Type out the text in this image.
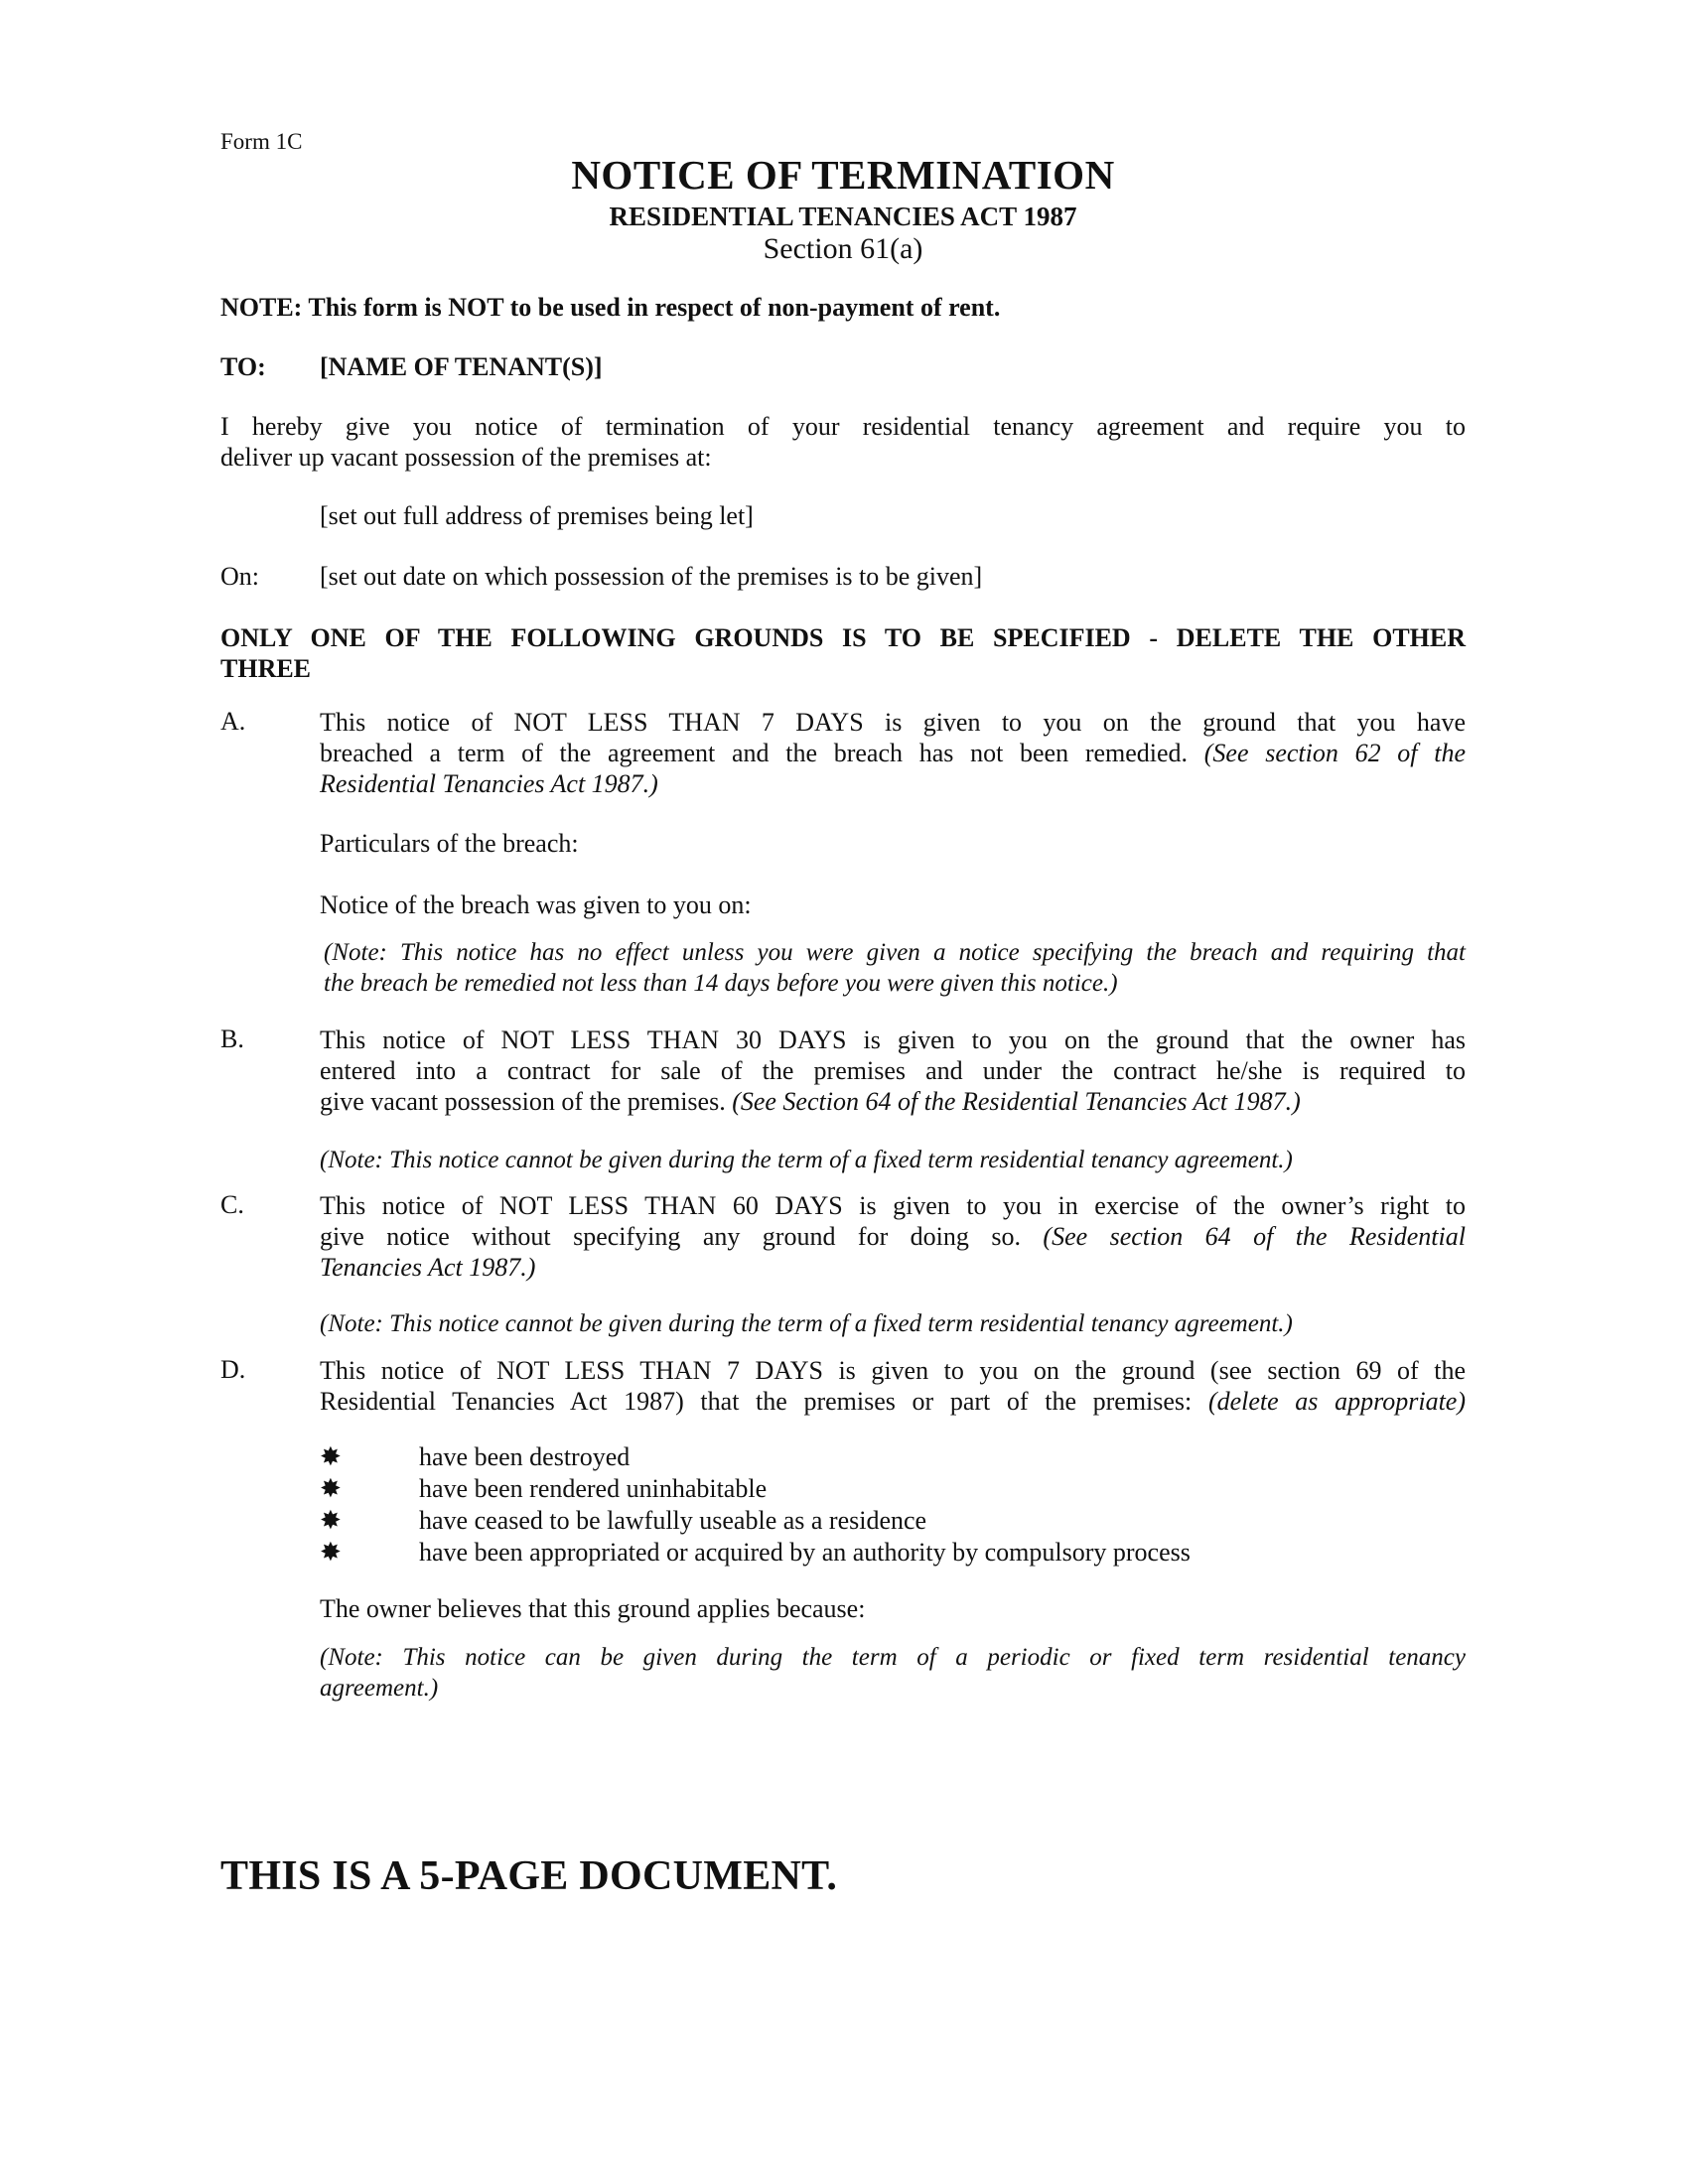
Form 1C
NOTICE OF TERMINATION
RESIDENTIAL TENANCIES ACT 1987
Section 61(a)
NOTE: This form is NOT to be used in respect of non-payment of rent.
TO: [NAME OF TENANT(S)]

I hereby give you notice of termination of your residential tenancy agreement and require you to

deliver up vacant possession of the premises at:

[set out full address of premises being let]
On: [set out date on which possession of the premises is to be given]

ONLY ONE OF THE FOLLOWING GROUNDS IS TO BE SPECIFIED - DELETE THE OTHER

THREE

A.	This notice of NOT LESS THAN 7 DAYS is given to you on the ground that you have

breached a term of the agreement and the breach has not been remedied. (See section 62 of the

Residential Tenancies Act 1987.)

Particulars of the breach:
Notice of the breach was given to you on:

(Note: This notice has no effect unless you were given a notice specifying the breach and requiring that

the breach be remedied not less than 14 days before you were given this notice.)

B.	This notice of NOT LESS THAN 30 DAYS is given to you on the ground that the owner has

entered into a contract for sale of the premises and under the contract he/she is required to

give vacant possession of the premises. (See Section 64 of the Residential Tenancies Act 1987.)

(Note: This notice cannot be given during the term of a fixed term residential tenancy agreement.)
C.	This notice of NOT LESS THAN 60 DAYS is given to you in exercise of the owner’s right to

give notice without specifying any ground for doing so. (See section 64 of the Residential

Tenancies Act 1987.)

(Note: This notice cannot be given during the term of a fixed term residential tenancy agreement.)
D.	This notice of NOT LESS THAN 7 DAYS is given to you on the ground (see section 69 of the

Residential Tenancies Act 1987) that the premises or part of the premises: (delete as appropriate)

✸	have been destroyed
✸	have been rendered uninhabitable
✸	have ceased to be lawfully useable as a residence
✸	have been appropriated or acquired by an authority by compulsory process
The owner believes that this ground applies because:

(Note: This notice can be given during the term of a periodic or fixed term residential tenancy

agreement.)

THIS IS A 5-PAGE DOCUMENT.
